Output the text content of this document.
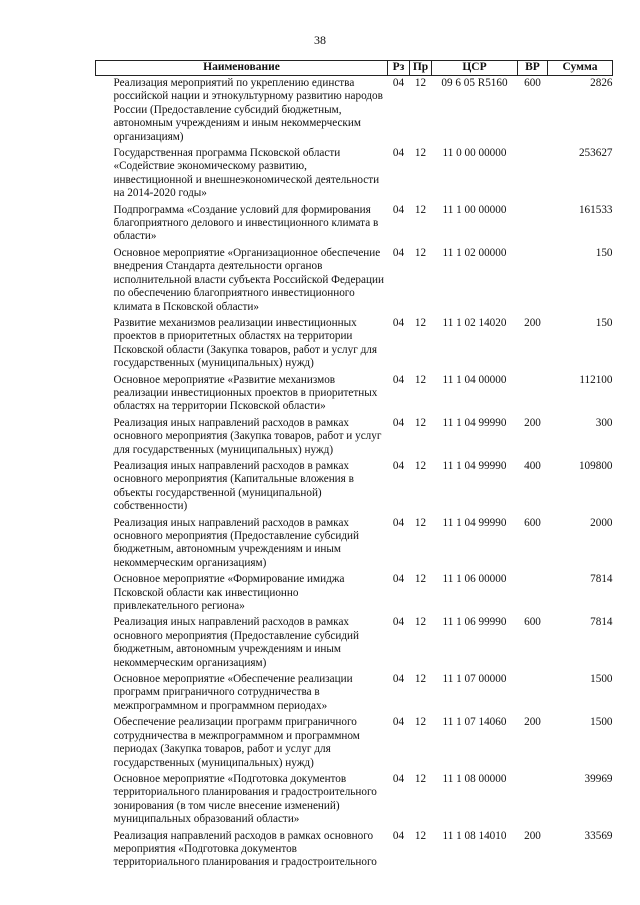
38
Наименование	Рз	Пр	ЦСР	ВР	Сумма
Реализация мероприятий по укреплению единства российской нации и этнокультурному развитию народов России (Предоставление субсидий бюджетным, автономным учреждениям и иным некоммерческим организациям)	04	12	09 6 05 R5160	600	2826
Государственная программа Псковской области «Содействие экономическому развитию, инвестиционной и внешнеэкономической деятельности на 2014-2020 годы»	04	12	11 0 00 00000		253627
Подпрограмма «Создание условий для формирования благоприятного делового и инвестиционного климата в области»	04	12	11 1 00 00000		161533
Основное мероприятие «Организационное обеспечение внедрения Стандарта деятельности органов исполнительной власти субъекта Российской Федерации по обеспечению благоприятного инвестиционного климата в Псковской области»	04	12	11 1 02 00000		150
Развитие механизмов реализации инвестиционных проектов в приоритетных областях на территории Псковской области (Закупка товаров, работ и услуг для государственных (муниципальных) нужд)	04	12	11 1 02 14020	200	150
Основное мероприятие «Развитие механизмов реализации инвестиционных проектов в приоритетных областях на территории Псковской области»	04	12	11 1 04 00000		112100
Реализация иных направлений расходов в рамках основного мероприятия (Закупка товаров, работ и услуг для государственных (муниципальных) нужд)	04	12	11 1 04 99990	200	300
Реализация иных направлений расходов в рамках основного мероприятия (Капитальные вложения в объекты государственной (муниципальной) собственности)	04	12	11 1 04 99990	400	109800
Реализация иных направлений расходов в рамках основного мероприятия (Предоставление субсидий бюджетным, автономным учреждениям и иным некоммерческим организациям)	04	12	11 1 04 99990	600	2000
Основное мероприятие «Формирование имиджа Псковской области как инвестиционно привлекательного региона»	04	12	11 1 06 00000		7814
Реализация иных направлений расходов в рамках основного мероприятия (Предоставление субсидий бюджетным, автономным учреждениям и иным некоммерческим организациям)	04	12	11 1 06 99990	600	7814
Основное мероприятие «Обеспечение реализации программ приграничного сотрудничества в межпрограммном и программном периодах»	04	12	11 1 07 00000		1500
Обеспечение реализации программ приграничного сотрудничества в межпрограммном и программном периодах (Закупка товаров, работ и услуг для государственных (муниципальных) нужд)	04	12	11 1 07 14060	200	1500
Основное мероприятие «Подготовка документов территориального планирования и градостроительного зонирования (в том числе внесение изменений) муниципальных образований области»	04	12	11 1 08 00000		39969
Реализация направлений расходов в рамках основного мероприятия «Подготовка документов территориального планирования и градостроительного	04	12	11 1 08 14010	200	33569
